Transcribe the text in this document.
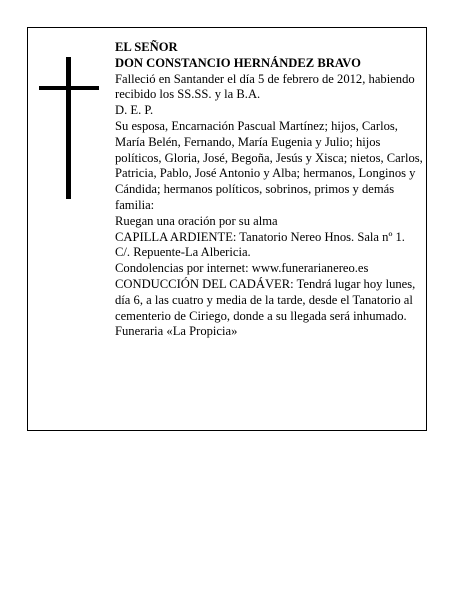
EL SEÑOR

DON CONSTANCIO HERNÁNDEZ BRAVO

Falleció en Santander el día 5 de febrero de 2012, habiendo recibido los SS.SS. y la B.A.

D. E. P.

Su esposa, Encarnación Pascual Martínez; hijos, Carlos, María Belén, Fernando, María Eugenia y Julio; hijos políticos, Gloria, José, Begoña, Jesús y Xisca; nietos, Carlos, Patricia, Pablo, José Antonio y Alba; hermanos, Longinos y Cándida; hermanos políticos, sobrinos, primos y demás familia:

Ruegan una oración por su alma

CAPILLA ARDIENTE: Tanatorio Nereo Hnos. Sala nº 1. C/. Repuente-La Albericia.

Condolencias por internet: www.funerarianereo.es

CONDUCCIÓN DEL CADÁVER: Tendrá lugar hoy lunes, día 6, a las cuatro y media de la tarde, desde el Tanatorio al cementerio de Ciriego, donde a su llegada será inhumado.

Funeraria «La Propicia»
